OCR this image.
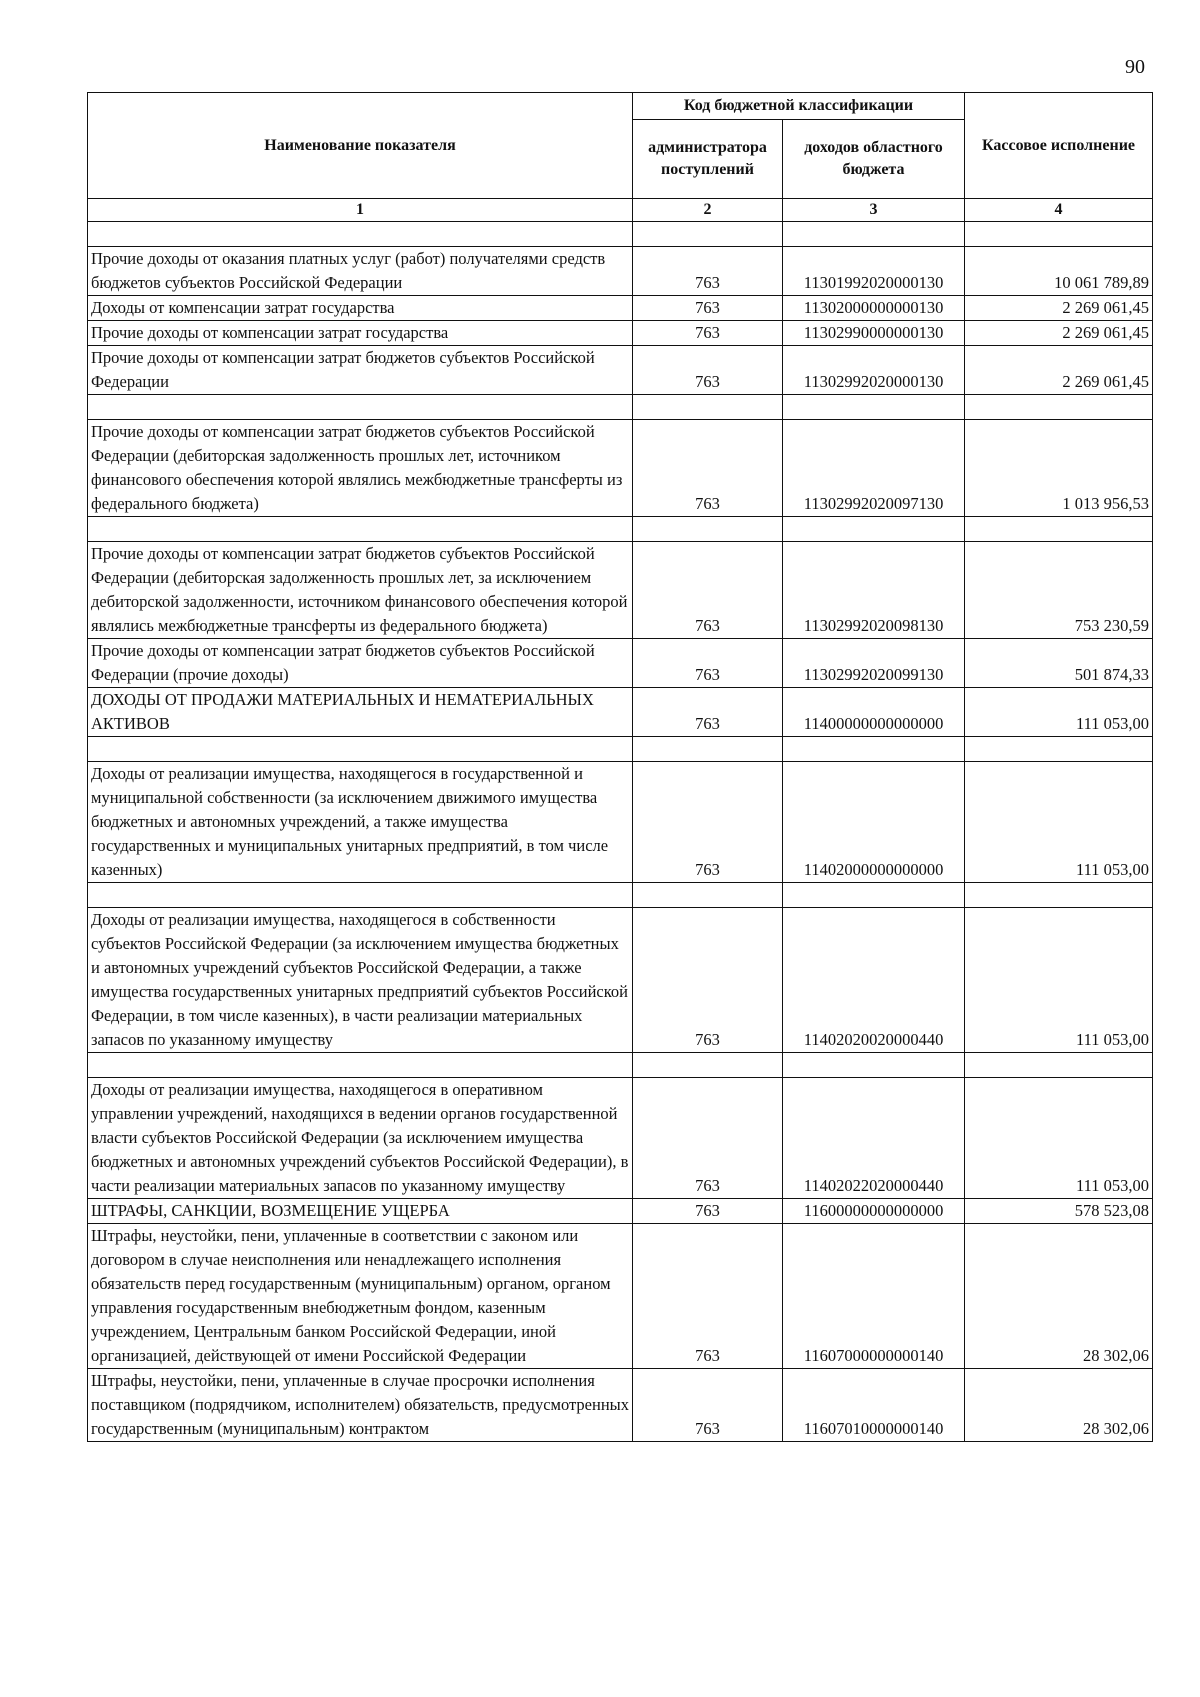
90
Наименование показателя	Код бюджетной классификации		Кассовое исполнение
	администратора поступлений	доходов областного бюджета	
1	2	3	4

Прочие доходы от оказания платных услуг (работ) получателями средств бюджетов субъектов Российской Федерации	763	11301992020000130	10 061 789,89
Доходы от компенсации затрат государства	763	11302000000000130	2 269 061,45
Прочие доходы от компенсации затрат государства	763	11302990000000130	2 269 061,45
Прочие доходы от компенсации затрат бюджетов субъектов Российской Федерации	763	11302992020000130	2 269 061,45

Прочие доходы от компенсации затрат бюджетов субъектов Российской Федерации (дебиторская задолженность прошлых лет, источником финансового обеспечения которой являлись межбюджетные трансферты из федерального бюджета)	763	11302992020097130	1 013 956,53

Прочие доходы от компенсации затрат бюджетов субъектов Российской Федерации (дебиторская задолженность прошлых лет, за исключением дебиторской задолженности, источником финансового обеспечения которой являлись межбюджетные трансферты из федерального бюджета)	763	11302992020098130	753 230,59
Прочие доходы от компенсации затрат бюджетов субъектов Российской Федерации (прочие доходы)	763	11302992020099130	501 874,33
ДОХОДЫ ОТ ПРОДАЖИ МАТЕРИАЛЬНЫХ И НЕМАТЕРИАЛЬНЫХ АКТИВОВ	763	11400000000000000	111 053,00

Доходы от реализации имущества, находящегося в государственной и муниципальной собственности (за исключением движимого имущества бюджетных и автономных учреждений, а также имущества государственных и муниципальных унитарных предприятий, в том числе казенных)	763	11402000000000000	111 053,00

Доходы от реализации имущества, находящегося в собственности субъектов Российской Федерации (за исключением имущества бюджетных и автономных учреждений субъектов Российской Федерации, а также имущества государственных унитарных предприятий субъектов Российской Федерации, в том числе казенных), в части реализации материальных запасов по указанному имуществу	763	11402020020000440	111 053,00

Доходы от реализации имущества, находящегося в оперативном управлении учреждений, находящихся в ведении органов государственной власти субъектов Российской Федерации (за исключением имущества бюджетных и автономных учреждений субъектов Российской Федерации), в части реализации материальных запасов по указанному имуществу	763	11402022020000440	111 053,00
ШТРАФЫ, САНКЦИИ, ВОЗМЕЩЕНИЕ УЩЕРБА	763	11600000000000000	578 523,08
Штрафы, неустойки, пени, уплаченные в соответствии с законом или договором в случае неисполнения или ненадлежащего исполнения обязательств перед государственным (муниципальным) органом, органом управления государственным внебюджетным фондом, казенным учреждением, Центральным банком Российской Федерации, иной организацией, действующей от имени Российской Федерации	763	11607000000000140	28 302,06
Штрафы, неустойки, пени, уплаченные в случае просрочки исполнения поставщиком (подрядчиком, исполнителем) обязательств, предусмотренных государственным (муниципальным) контрактом	763	11607010000000140	28 302,06
